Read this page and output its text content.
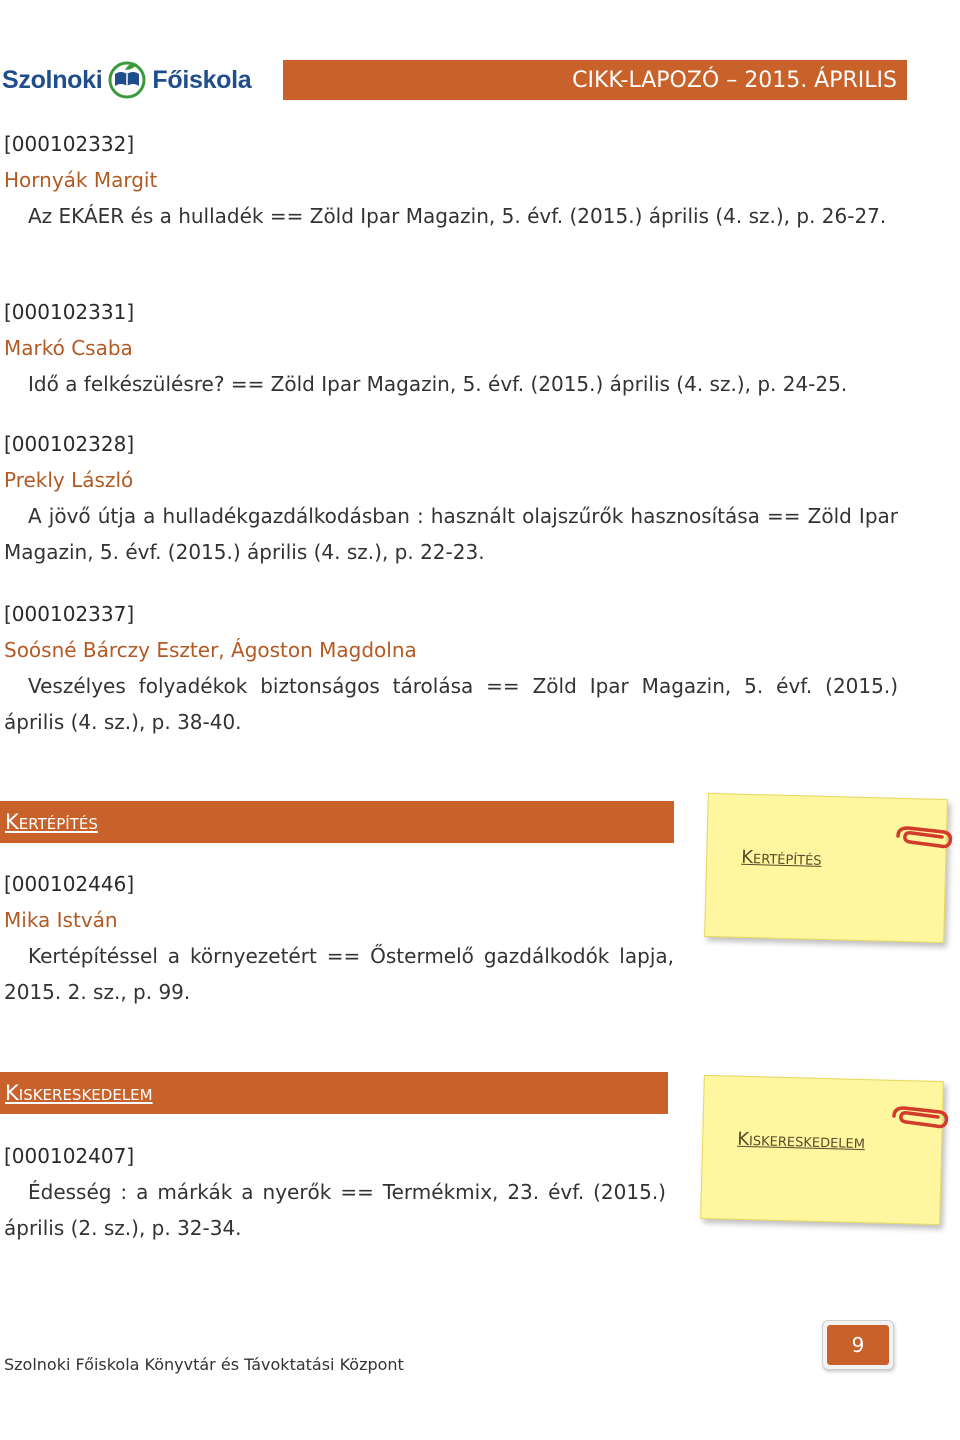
Szolnoki Főiskola	CIKK-LAPOZÓ – 2015. ÁPRILIS
[000102332]
Hornyák Margit
Az EKÁER és a hulladék == Zöld Ipar Magazin, 5. évf. (2015.) április (4. sz.), p. 26-27.
[000102331]
Markó Csaba
Idő a felkészülésre? == Zöld Ipar Magazin, 5. évf. (2015.) április (4. sz.), p. 24-25.
[000102328]
Prekly László
A jövő útja a hulladékgazdálkodásban : használt olajszűrők hasznosítása == Zöld Ipar Magazin, 5. évf. (2015.) április (4. sz.), p. 22-23.
[000102337]
Soósné Bárczy Eszter, Ágoston Magdolna
Veszélyes folyadékok biztonságos tárolása == Zöld Ipar Magazin, 5. évf. (2015.) április (4. sz.), p. 38-40.
Kertépítés
Kertépítés
[000102446]
Mika István
Kertépítéssel a környezetért == Őstermelő gazdálkodók lapja, 2015. 2. sz., p. 99.
Kiskereskedelem
Kiskereskedelem
[000102407]
Édesség : a márkák a nyerők == Termékmix, 23. évf. (2015.) április (2. sz.), p. 32-34.
Szolnoki Főiskola Könyvtár és Távoktatási Központ
9
